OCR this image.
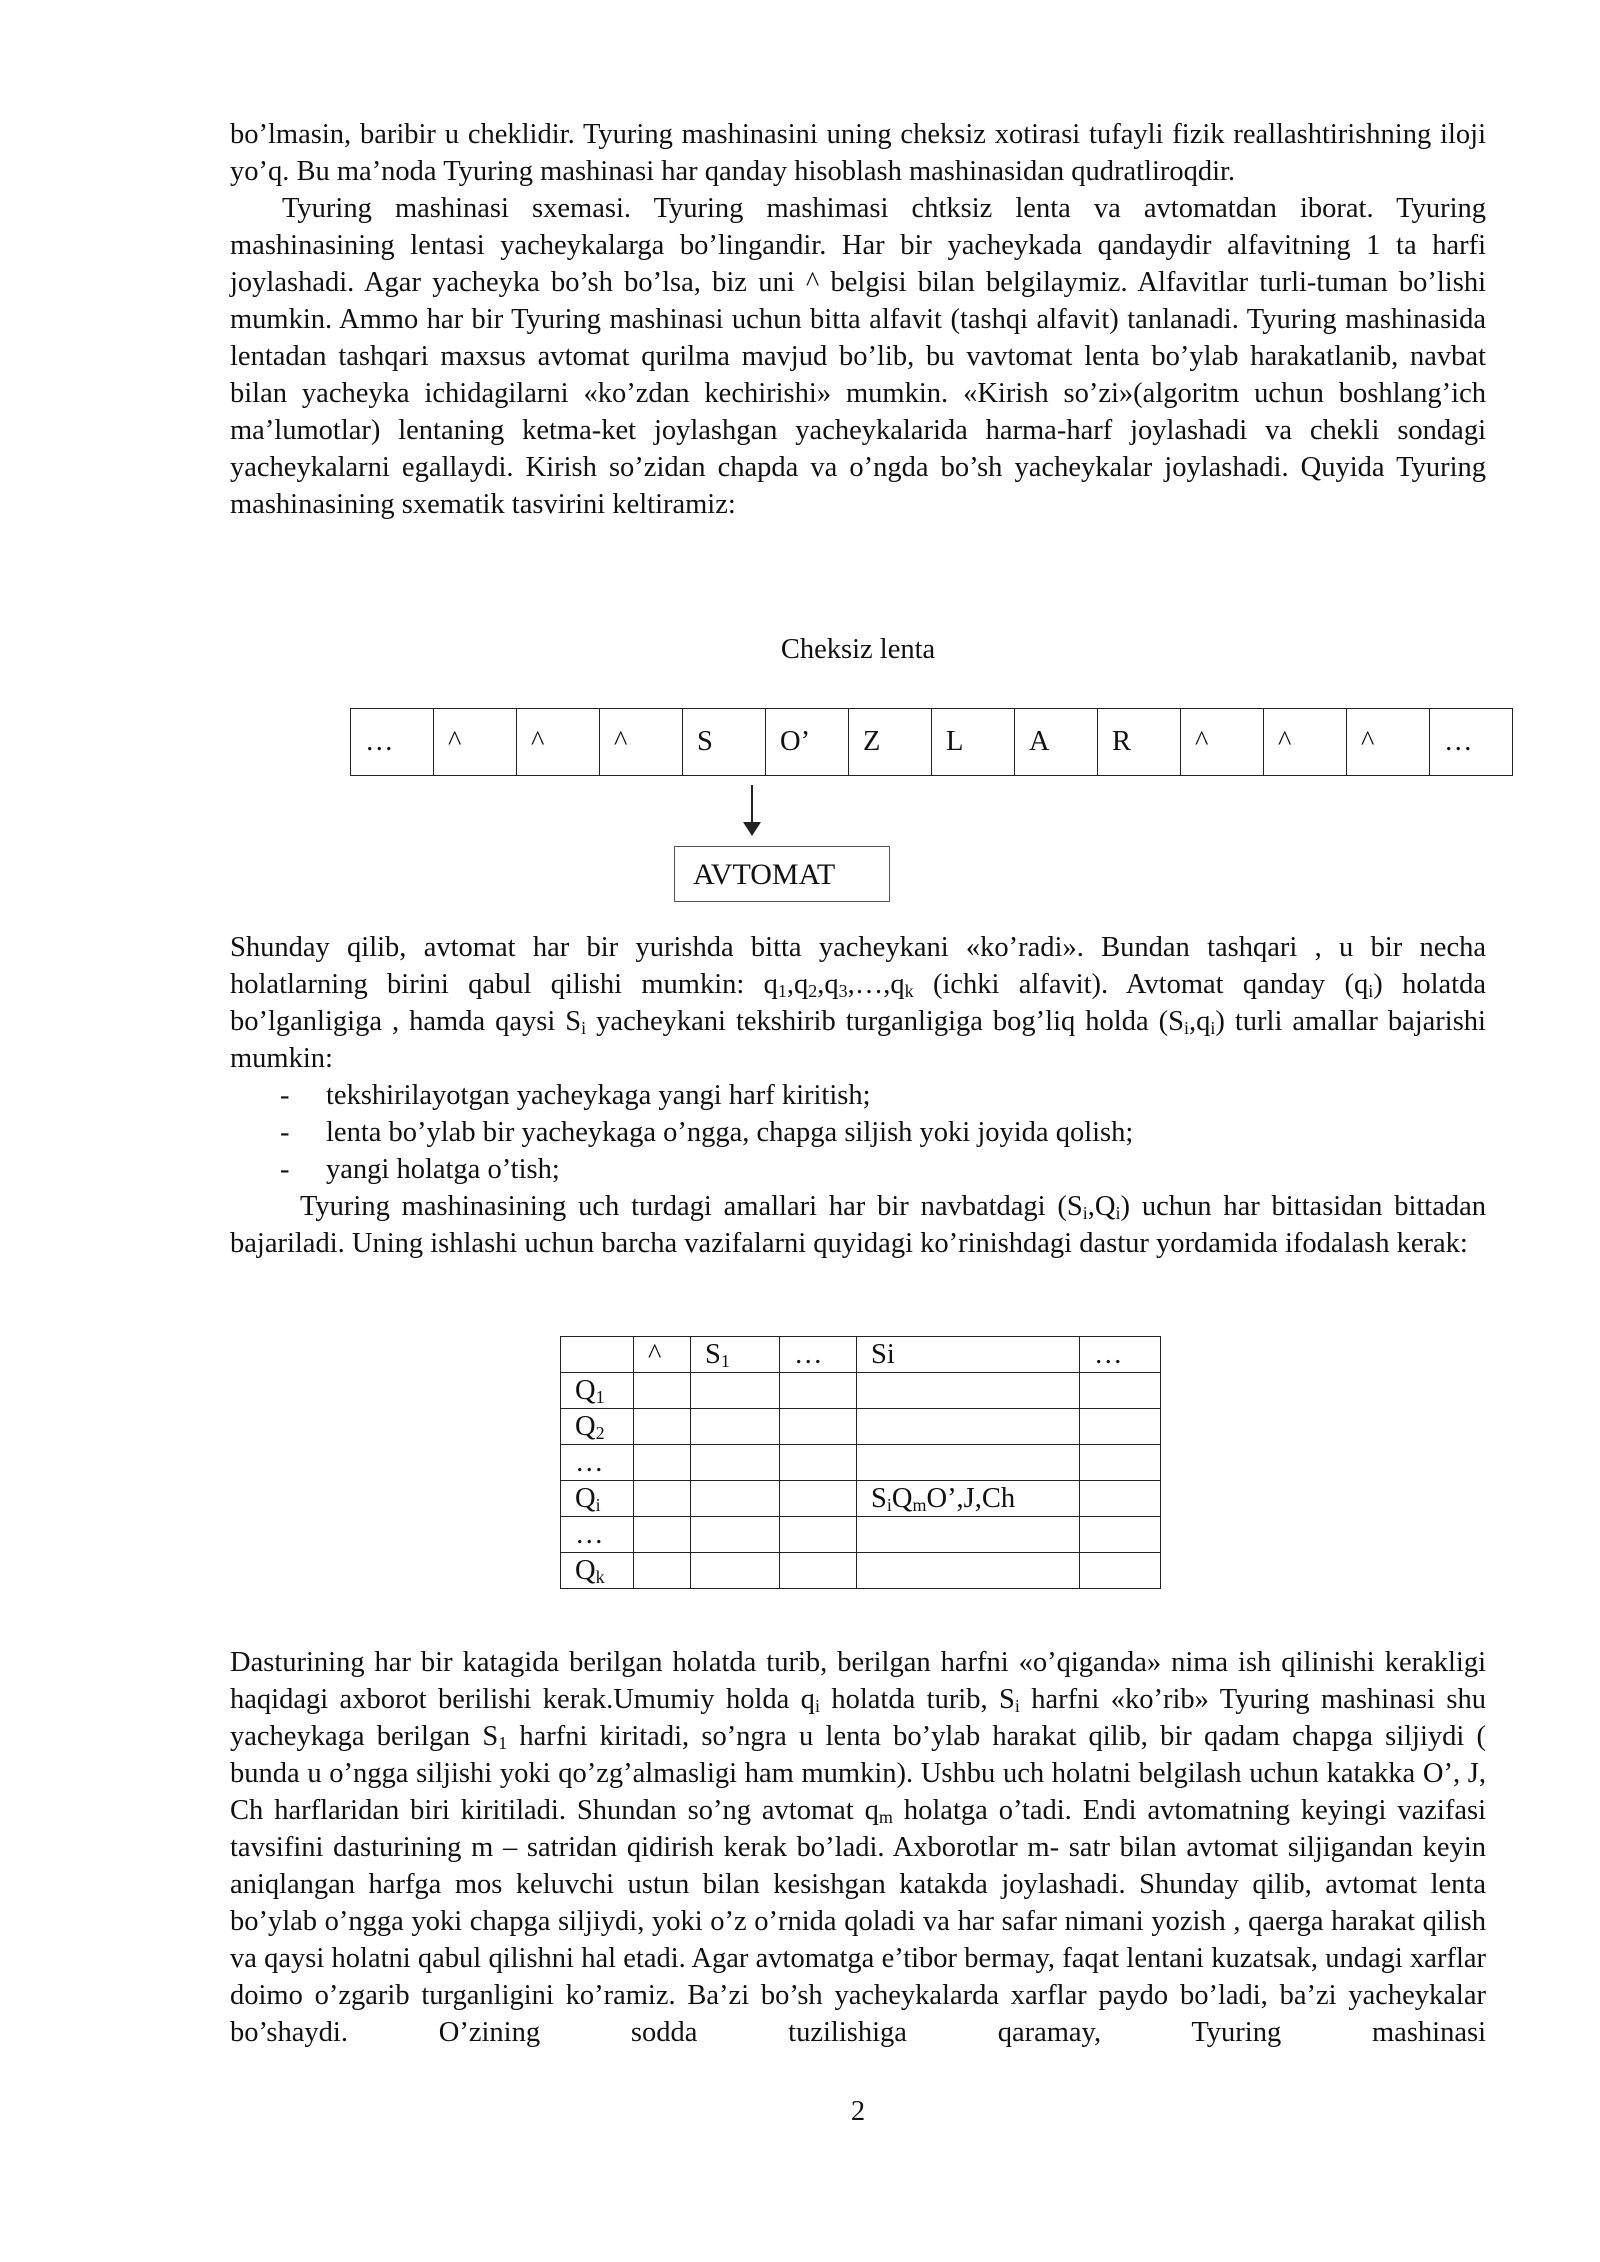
bo’lmasin, baribir u cheklidir. Tyuring mashinasini uning cheksiz xotirasi tufayli fizik reallashtirishning iloji yo’q. Bu ma’noda Tyuring mashinasi har qanday hisoblash mashinasidan qudratliroqdir.

Tyuring mashinasi sxemasi. Tyuring mashimasi chtksiz lenta va avtomatdan iborat. Tyuring mashinasining lentasi yacheykalarga bo’lingandir. Har bir yacheykada qandaydir alfavitning 1 ta harfi joylashadi. Agar yacheyka bo’sh bo’lsa, biz uni ^ belgisi bilan belgilaymiz. Alfavitlar turli-tuman bo’lishi mumkin. Ammo har bir Tyuring mashinasi uchun bitta alfavit (tashqi alfavit) tanlanadi. Tyuring mashinasida lentadan tashqari maxsus avtomat qurilma mavjud bo’lib, bu vavtomat lenta bo’ylab harakatlanib, navbat bilan yacheyka ichidagilarni «ko’zdan kechirishi» mumkin. «Kirish so’zi»(algoritm uchun boshlang’ich ma’lumotlar) lentaning ketma-ket joylashgan yacheykalarida harma-harf joylashadi va chekli sondagi yacheykalarni egallaydi. Kirish so’zidan chapda va o’ngda bo’sh yacheykalar joylashadi. Quyida Tyuring mashinasining sxematik tasvirini keltiramiz:

Cheksiz lenta
…	^	^	^	S	O’	Z	L	A	R	^	^	^	…
AVTOMAT

Shunday qilib, avtomat har bir yurishda bitta yacheykani «ko’radi». Bundan tashqari , u bir necha holatlarning birini qabul qilishi mumkin: $q_1,q_2,q_3,\dots,q_k$ (ichki alfavit). Avtomat qanday $(q_i)$ holatda bo’lganligiga , hamda qaysi $S_i$ yacheykani tekshirib turganligiga bog’liq holda $(S_i,q_i)$ turli amallar bajarishi mumkin:

- tekshirilayotgan yacheykaga yangi harf kiritish;
- lenta bo’ylab bir yacheykaga o’ngga, chapga siljish yoki joyida qolish;
- yangi holatga o’tish;

Tyuring mashinasining uch turdagi amallari har bir navbatdagi $(S_i,Q_i)$ uchun har bittasidan bittadan bajariladi. Uning ishlashi uchun barcha vazifalarni quyidagi ko’rinishdagi dastur yordamida ifodalash kerak:

	^	$S_1$	…	Si	…
$Q_1$					
$Q_2$					
…					
$Q_i$				$S_iQ_mO’,J,Ch$	
…					
$Q_k$					

Dasturining har bir katagida berilgan holatda turib, berilgan harfni «o’qiganda» nima ish qilinishi kerakligi haqidagi axborot berilishi kerak.Umumiy holda $q_i$ holatda turib, $S_i$ harfni «ko’rib» Tyuring mashinasi shu yacheykaga berilgan $S_1$ harfni kiritadi, so’ngra u lenta bo’ylab harakat qilib, bir qadam chapga siljiydi ( bunda u o’ngga siljishi yoki qo’zg’almasligi ham mumkin). Ushbu uch holatni belgilash uchun katakka O’, J, Ch harflaridan biri kiritiladi. Shundan so’ng avtomat $q_m$ holatga o’tadi. Endi avtomatning keyingi vazifasi tavsifini dasturining m – satridan qidirish kerak bo’ladi. Axborotlar m- satr bilan avtomat siljigandan keyin aniqlangan harfga mos keluvchi ustun bilan kesishgan katakda joylashadi. Shunday qilib, avtomat lenta bo’ylab o’ngga yoki chapga siljiydi, yoki o’z o’rnida qoladi va har safar nimani yozish , qaerga harakat qilish va qaysi holatni qabul qilishni hal etadi. Agar avtomatga e’tibor bermay, faqat lentani kuzatsak, undagi xarflar doimo o’zgarib turganligini ko’ramiz. Ba’zi bo’sh yacheykalarda xarflar paydo bo’ladi, ba’zi yacheykalar bo’shaydi. O’zining sodda tuzilishiga qaramay, Tyuring mashinasi

2
